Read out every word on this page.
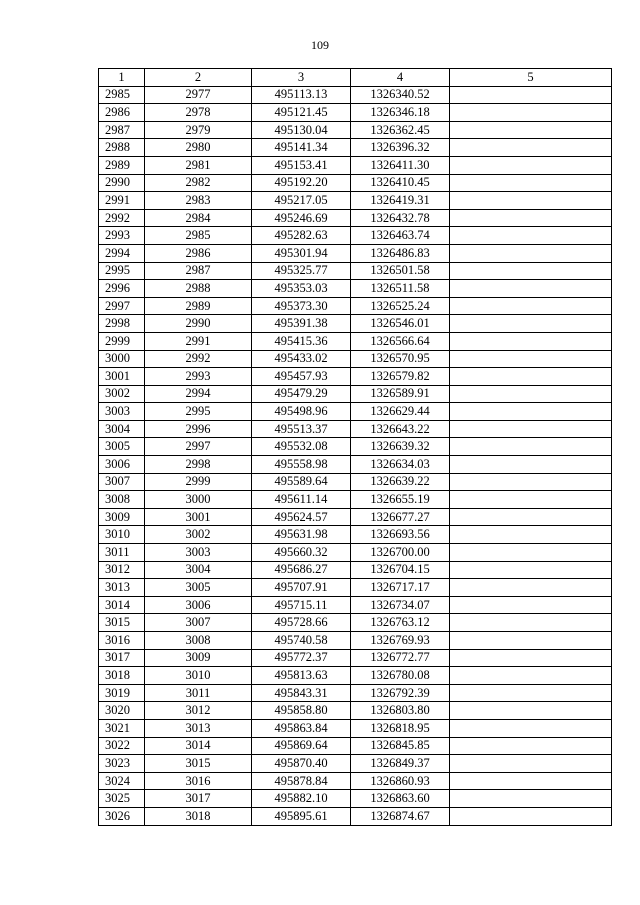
109
1	2	3	4	5
2985	2977	495113.13	1326340.52	
2986	2978	495121.45	1326346.18	
2987	2979	495130.04	1326362.45	
2988	2980	495141.34	1326396.32	
2989	2981	495153.41	1326411.30	
2990	2982	495192.20	1326410.45	
2991	2983	495217.05	1326419.31	
2992	2984	495246.69	1326432.78	
2993	2985	495282.63	1326463.74	
2994	2986	495301.94	1326486.83	
2995	2987	495325.77	1326501.58	
2996	2988	495353.03	1326511.58	
2997	2989	495373.30	1326525.24	
2998	2990	495391.38	1326546.01	
2999	2991	495415.36	1326566.64	
3000	2992	495433.02	1326570.95	
3001	2993	495457.93	1326579.82	
3002	2994	495479.29	1326589.91	
3003	2995	495498.96	1326629.44	
3004	2996	495513.37	1326643.22	
3005	2997	495532.08	1326639.32	
3006	2998	495558.98	1326634.03	
3007	2999	495589.64	1326639.22	
3008	3000	495611.14	1326655.19	
3009	3001	495624.57	1326677.27	
3010	3002	495631.98	1326693.56	
3011	3003	495660.32	1326700.00	
3012	3004	495686.27	1326704.15	
3013	3005	495707.91	1326717.17	
3014	3006	495715.11	1326734.07	
3015	3007	495728.66	1326763.12	
3016	3008	495740.58	1326769.93	
3017	3009	495772.37	1326772.77	
3018	3010	495813.63	1326780.08	
3019	3011	495843.31	1326792.39	
3020	3012	495858.80	1326803.80	
3021	3013	495863.84	1326818.95	
3022	3014	495869.64	1326845.85	
3023	3015	495870.40	1326849.37	
3024	3016	495878.84	1326860.93	
3025	3017	495882.10	1326863.60	
3026	3018	495895.61	1326874.67	
